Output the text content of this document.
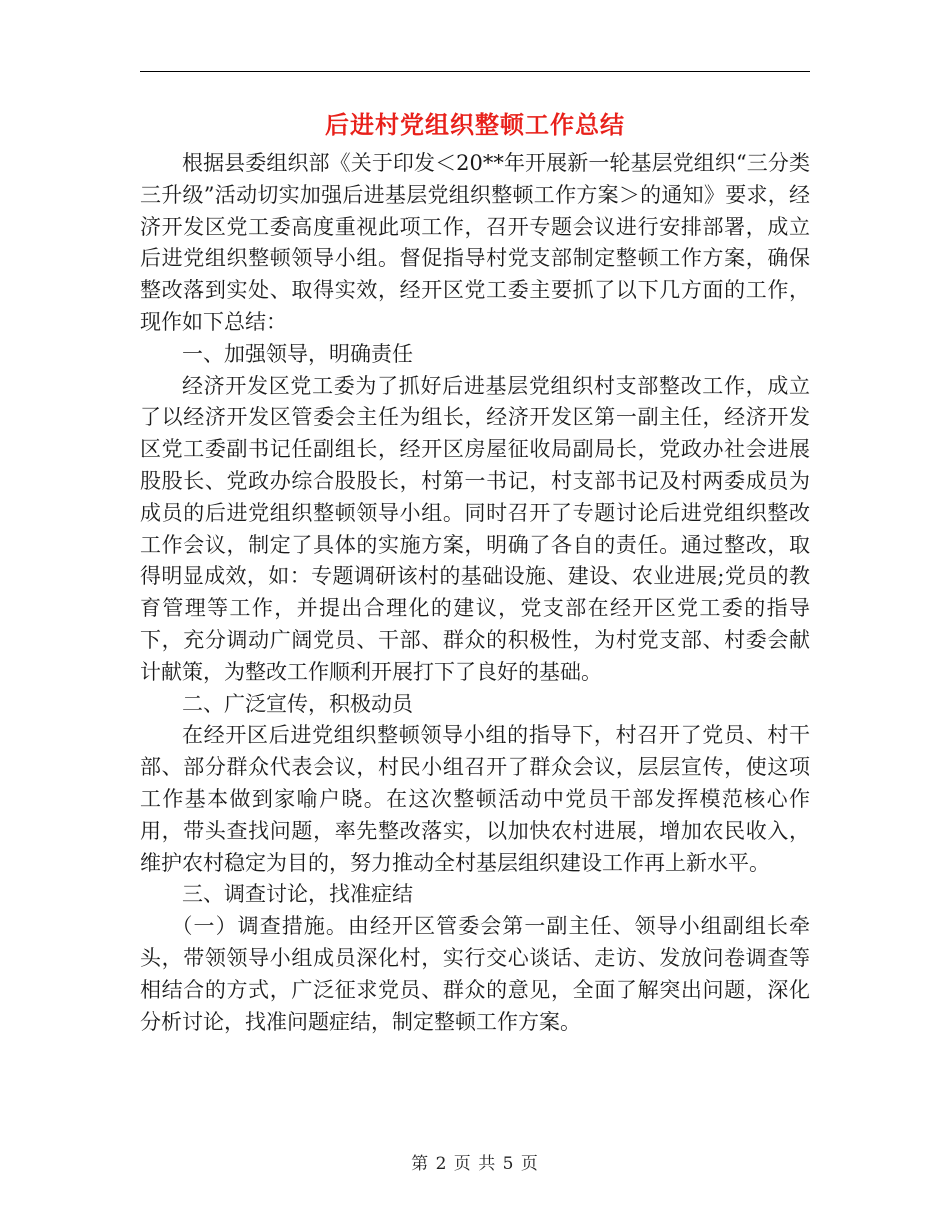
后进村党组织整顿工作总结

根据县委组织部《关于印发＜20**年开展新一轮基层党组织“三分类三升级”活动切实加强后进基层党组织整顿工作方案＞的通知》要求，经济开发区党工委高度重视此项工作，召开专题会议进行安排部署，成立后进党组织整顿领导小组。督促指导村党支部制定整顿工作方案，确保整改落到实处、取得实效，经开区党工委主要抓了以下几方面的工作，现作如下总结：

一、加强领导，明确责任

经济开发区党工委为了抓好后进基层党组织村支部整改工作，成立了以经济开发区管委会主任为组长，经济开发区第一副主任，经济开发区党工委副书记任副组长，经开区房屋征收局副局长，党政办社会进展股股长、党政办综合股股长，村第一书记，村支部书记及村两委成员为成员的后进党组织整顿领导小组。同时召开了专题讨论后进党组织整改工作会议，制定了具体的实施方案，明确了各自的责任。通过整改，取得明显成效，如：专题调研该村的基础设施、建设、农业进展;党员的教育管理等工作，并提出合理化的建议，党支部在经开区党工委的指导下，充分调动广阔党员、干部、群众的积极性，为村党支部、村委会献计献策，为整改工作顺利开展打下了良好的基础。

二、广泛宣传，积极动员

在经开区后进党组织整顿领导小组的指导下，村召开了党员、村干部、部分群众代表会议，村民小组召开了群众会议，层层宣传，使这项工作基本做到家喻户晓。在这次整顿活动中党员干部发挥模范核心作用，带头查找问题，率先整改落实，以加快农村进展，增加农民收入，维护农村稳定为目的，努力推动全村基层组织建设工作再上新水平。

三、调查讨论，找准症结

（一）调查措施。由经开区管委会第一副主任、领导小组副组长牵头，带领领导小组成员深化村，实行交心谈话、走访、发放问卷调查等相结合的方式，广泛征求党员、群众的意见，全面了解突出问题，深化分析讨论，找准问题症结，制定整顿工作方案。

第 2 页 共 5 页
